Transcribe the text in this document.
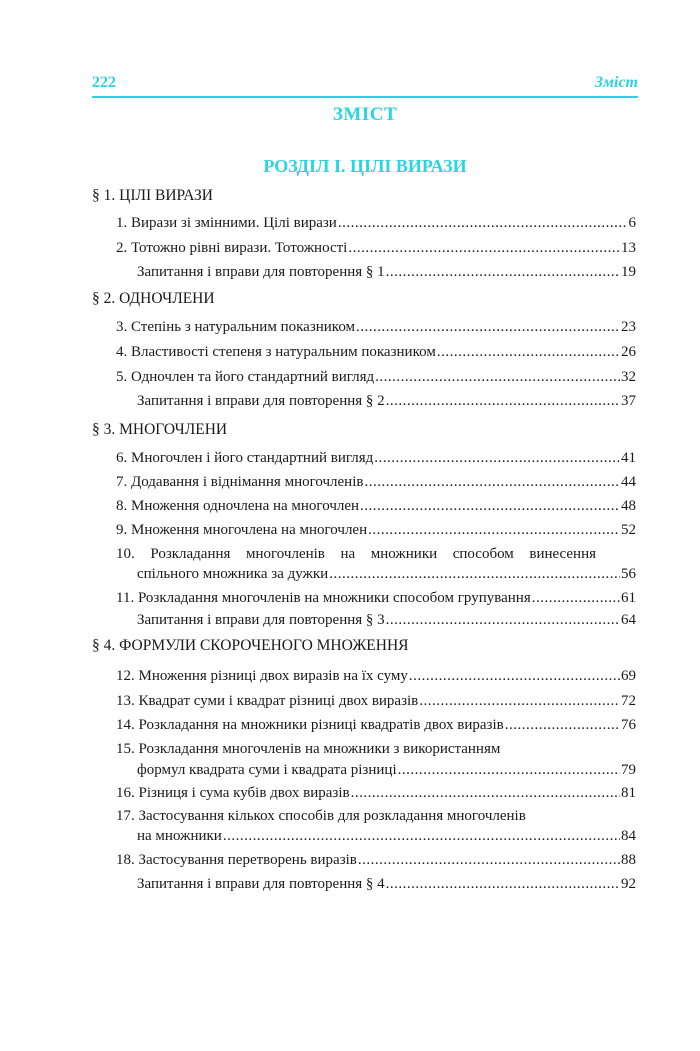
222	Зміст
ЗМІСТ
РОЗДІЛ І. ЦІЛІ ВИРАЗИ
§ 1. ЦІЛІ ВИРАЗИ
1. Вирази зі змінними. Цілі вирази .....	6
2. Тотожно рівні вирази. Тотожності .....	13
Запитання і вправи для повторення § 1 .....	19
§ 2. ОДНОЧЛЕНИ
3. Степінь з натуральним показником .....	23
4. Властивості степеня з натуральним показником .....	26
5. Одночлен та його стандартний вигляд .....	32
Запитання і вправи для повторення § 2 .....	37
§ 3. МНОГОЧЛЕНИ
6. Многочлен і його стандартний вигляд .....	41
7. Додавання і віднімання многочленів .....	44
8. Множення одночлена на многочлен .....	48
9. Множення многочлена на многочлен .....	52
10. Розкладання многочленів на множники способом винесення
спільного множника за дужки .....	56
11. Розкладання многочленів на множники способом групування .....	61
Запитання і вправи для повторення § 3 .....	64
§ 4. ФОРМУЛИ СКОРОЧЕНОГО МНОЖЕННЯ
12. Множення різниці двох виразів на їх суму .....	69
13. Квадрат суми і квадрат різниці двох виразів .....	72
14. Розкладання на множники різниці квадратів двох виразів .....	76
15. Розкладання многочленів на множники з використанням
формул квадрата суми і квадрата різниці .....	79
16. Різниця і сума кубів двох виразів .....	81
17. Застосування кількох способів для розкладання многочленів
на множники .....	84
18. Застосування перетворень виразів .....	88
Запитання і вправи для повторення § 4 .....	92
